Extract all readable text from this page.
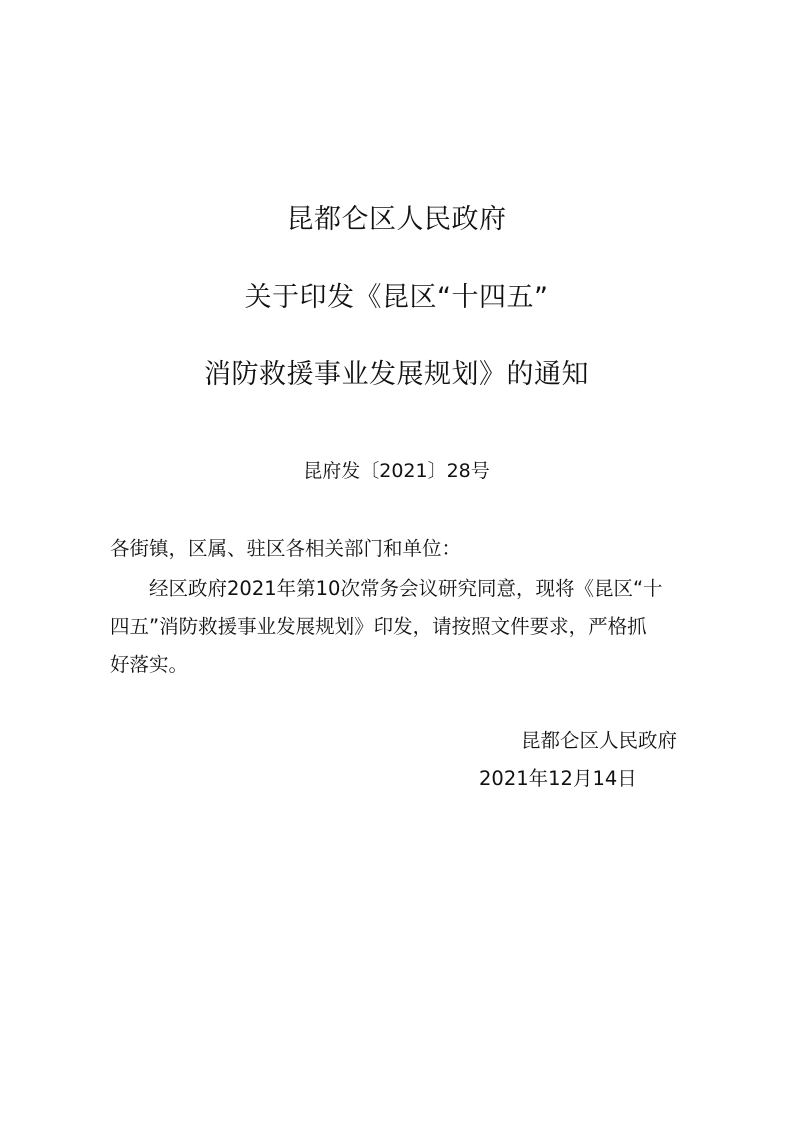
昆都仑区人民政府
关于印发《昆区“十四五”
消防救援事业发展规划》的通知
昆府发〔2021〕28号
各街镇，区属、驻区各相关部门和单位：
经区政府2021年第10次常务会议研究同意，现将《昆区“十
四五”消防救援事业发展规划》印发，请按照文件要求，严格抓
好落实。
昆都仑区人民政府
2021年12月14日
